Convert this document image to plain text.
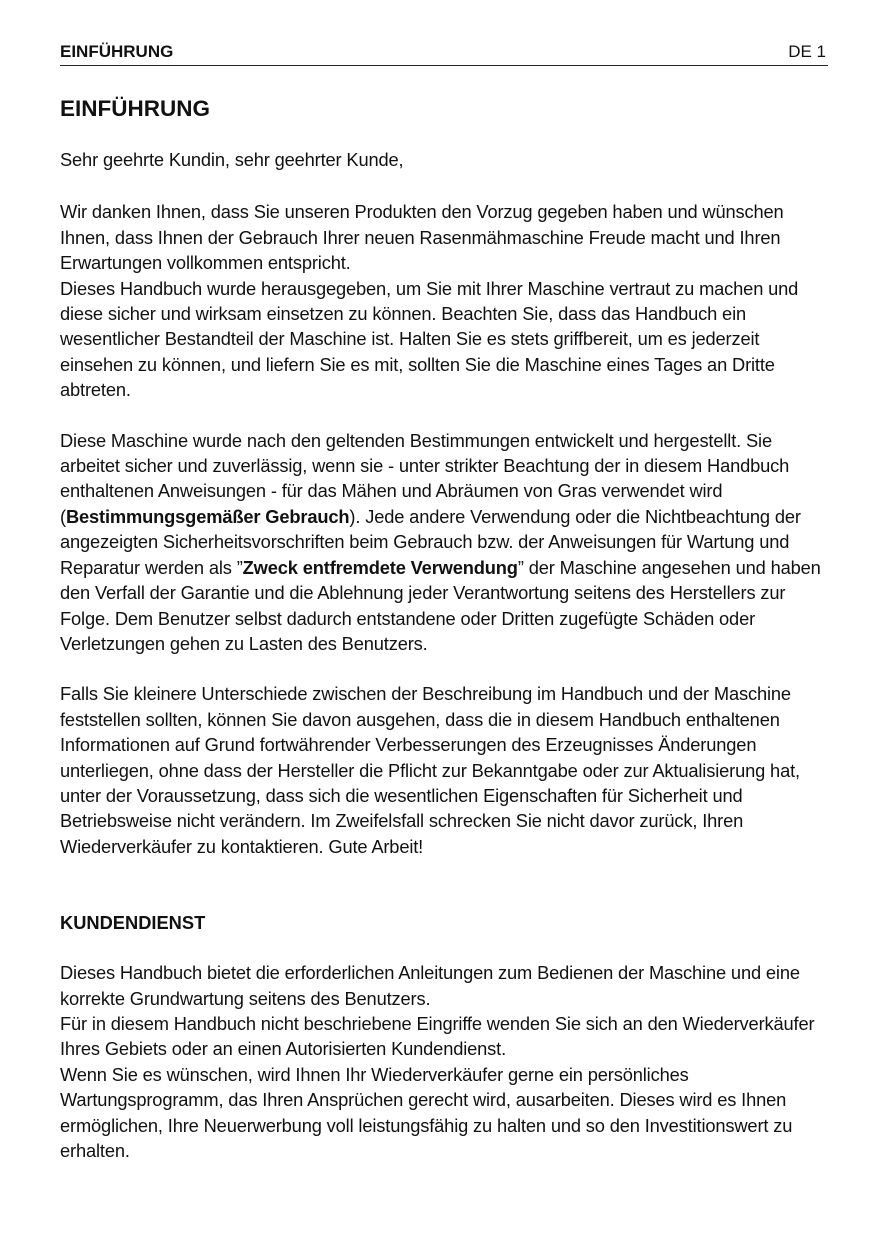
EINFÜHRUNG	DE 1
EINFÜHRUNG

Sehr geehrte Kundin, sehr geehrter Kunde,

Wir danken Ihnen, dass Sie unseren Produkten den Vorzug gegeben haben und wünschen Ihnen, dass Ihnen der Gebrauch Ihrer neuen Rasenmähmaschine Freude macht und Ihren Erwartungen vollkommen entspricht.

Dieses Handbuch wurde herausgegeben, um Sie mit Ihrer Maschine vertraut zu machen und diese sicher und wirksam einsetzen zu können. Beachten Sie, dass das Handbuch ein wesentlicher Bestandteil der Maschine ist. Halten Sie es stets griffbereit, um es jederzeit einsehen zu können, und liefern Sie es mit, sollten Sie die Maschine eines Tages an Dritte abtreten.

Diese Maschine wurde nach den geltenden Bestimmungen entwickelt und hergestellt. Sie arbeitet sicher und zuverlässig, wenn sie - unter strikter Beachtung der in diesem Handbuch enthaltenen Anweisungen - für das Mähen und Abräumen von Gras verwendet wird (Bestimmungsgemäßer Gebrauch). Jede andere Verwendung oder die Nichtbeachtung der angezeigten Sicherheitsvorschriften beim Gebrauch bzw. der Anweisungen für Wartung und Reparatur werden als ”Zweck entfremdete Verwendung” der Maschine angesehen und haben den Verfall der Garantie und die Ablehnung jeder Verantwortung seitens des Herstellers zur Folge. Dem Benutzer selbst dadurch entstandene oder Dritten zugefügte Schäden oder Verletzungen gehen zu Lasten des Benutzers.

Falls Sie kleinere Unterschiede zwischen der Beschreibung im Handbuch und der Maschine feststellen sollten, können Sie davon ausgehen, dass die in diesem Handbuch enthaltenen Informationen auf Grund fortwährender Verbesserungen des Erzeugnisses Änderungen unterliegen, ohne dass der Hersteller die Pflicht zur Bekanntgabe oder zur Aktualisierung hat, unter der Voraussetzung, dass sich die wesentlichen Eigenschaften für Sicherheit und Betriebsweise nicht verändern. Im Zweifelsfall schrecken Sie nicht davor zurück, Ihren Wiederverkäufer zu kontaktieren. Gute Arbeit!

KUNDENDIENST

Dieses Handbuch bietet die erforderlichen Anleitungen zum Bedienen der Maschine und eine korrekte Grundwartung seitens des Benutzers.

Für in diesem Handbuch nicht beschriebene Eingriffe wenden Sie sich an den Wiederverkäufer Ihres Gebiets oder an einen Autorisierten Kundendienst.

Wenn Sie es wünschen, wird Ihnen Ihr Wiederverkäufer gerne ein persönliches Wartungsprogramm, das Ihren Ansprüchen gerecht wird, ausarbeiten. Dieses wird es Ihnen ermöglichen, Ihre Neuerwerbung voll leistungsfähig zu halten und so den Investitionswert zu erhalten.
